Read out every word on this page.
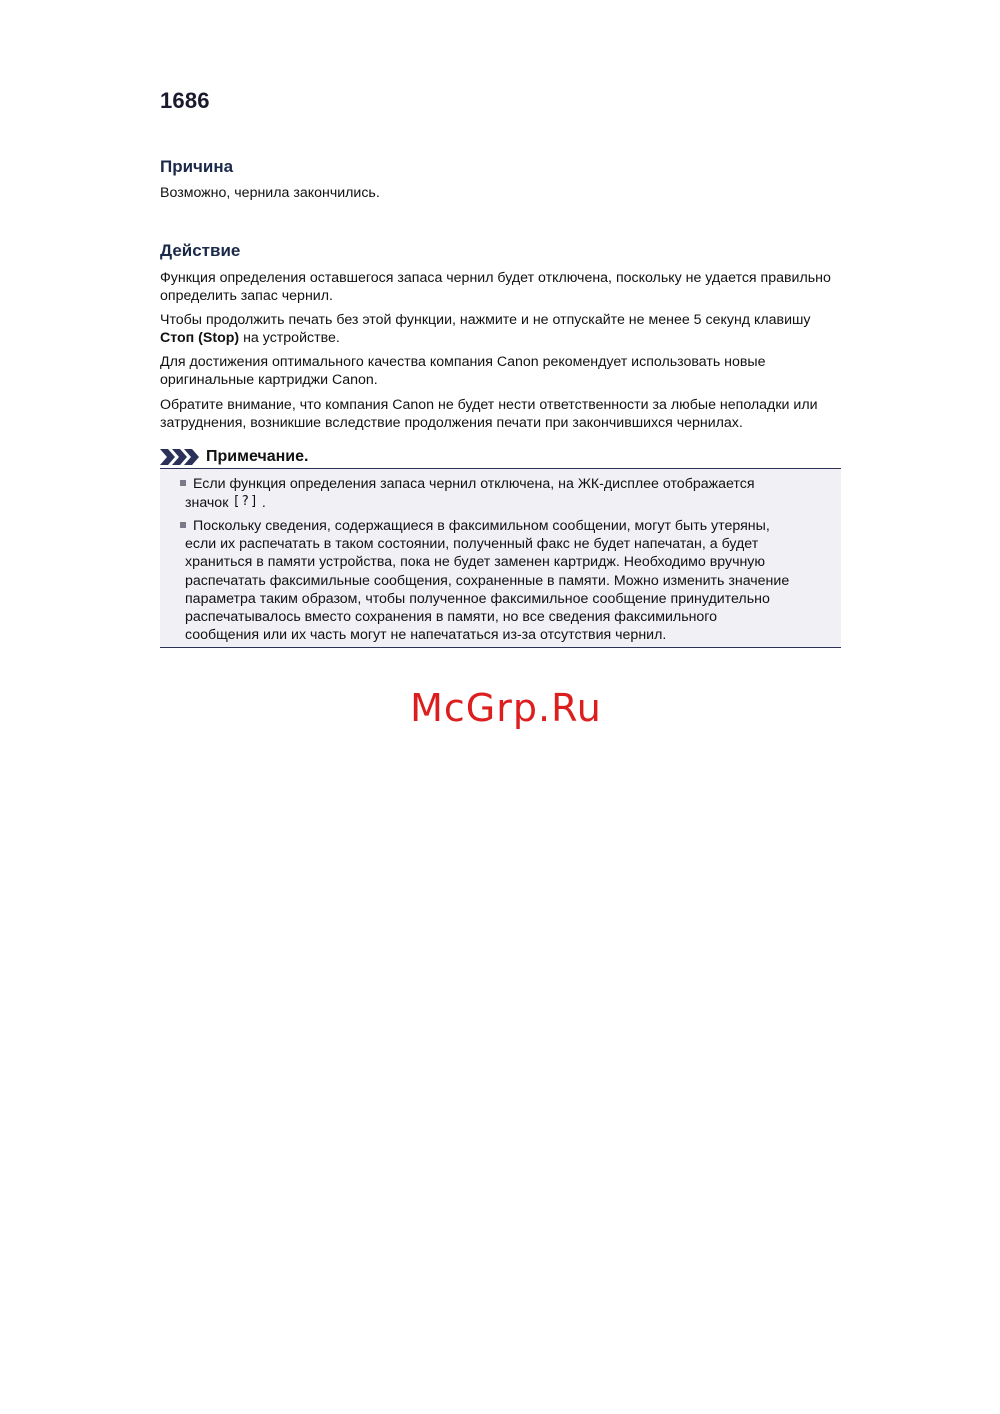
1686
Причина

Возможно, чернила закончились.

Действие

Функция определения оставшегося запаса чернил будет отключена, поскольку не удается правильно определить запас чернил.

Чтобы продолжить печать без этой функции, нажмите и не отпускайте не менее 5 секунд клавишу Стоп (Stop) на устройстве.

Для достижения оптимального качества компания Canon рекомендует использовать новые оригинальные картриджи Canon.

Обратите внимание, что компания Canon не будет нести ответственности за любые неполадки или затруднения, возникшие вследствие продолжения печати при закончившихся чернилах.

Примечание.
Если функция определения запаса чернил отключена, на ЖК-дисплее отображается
значок [?] .
Поскольку сведения, содержащиеся в факсимильном сообщении, могут быть утеряны,
если их распечатать в таком состоянии, полученный факс не будет напечатан, а будет
храниться в памяти устройства, пока не будет заменен картридж. Необходимо вручную
распечатать факсимильные сообщения, сохраненные в памяти. Можно изменить значение
параметра таким образом, чтобы полученное факсимильное сообщение принудительно
распечатывалось вместо сохранения в памяти, но все сведения факсимильного
сообщения или их часть могут не напечататься из-за отсутствия чернил.
McGrp.Ru
